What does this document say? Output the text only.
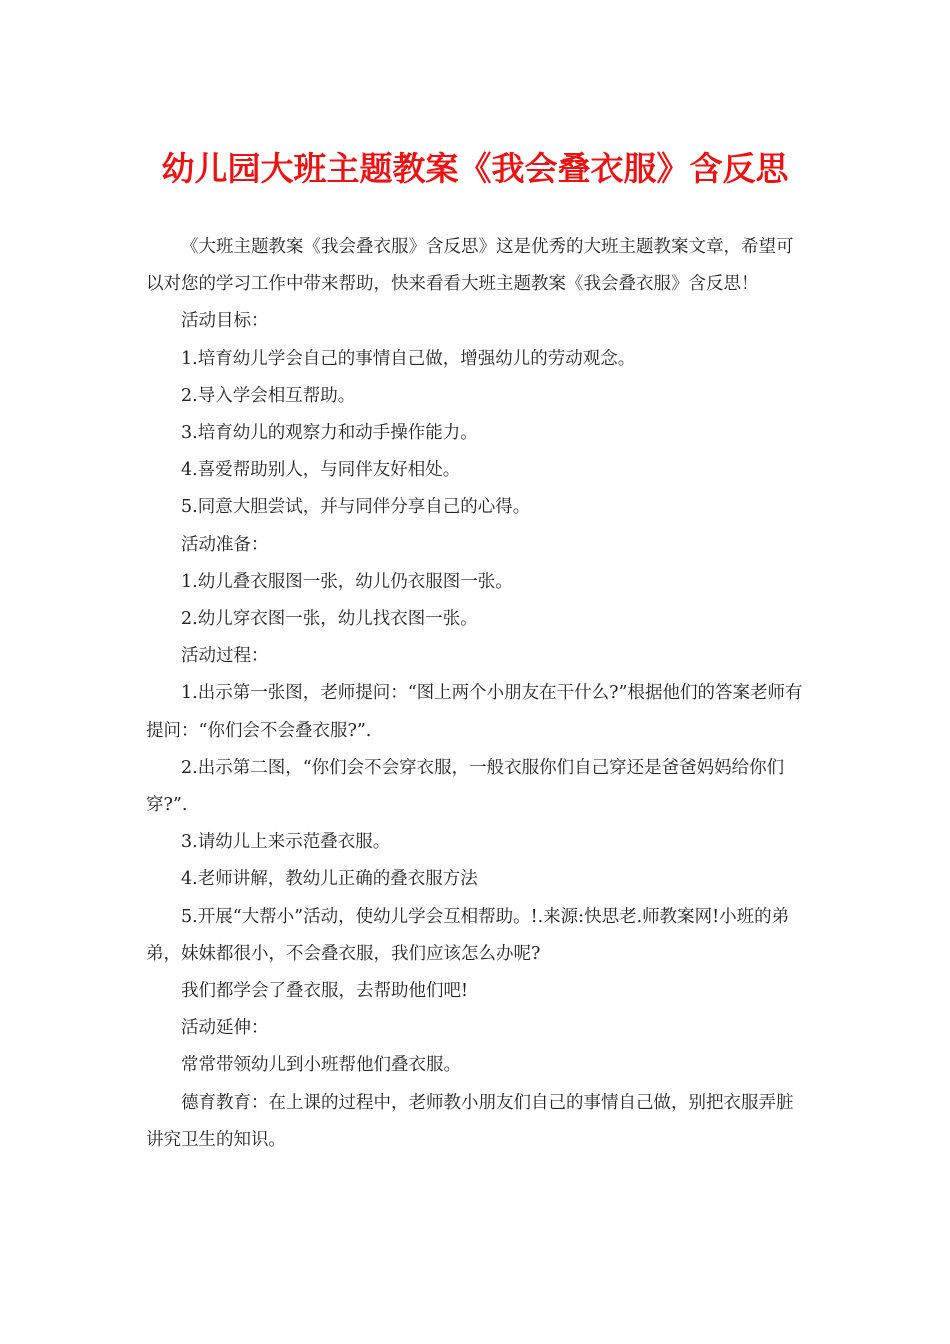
幼儿园大班主题教案《我会叠衣服》含反思

《大班主题教案《我会叠衣服》含反思》这是优秀的大班主题教案文章，希望可以对您的学习工作中带来帮助，快来看看大班主题教案《我会叠衣服》含反思！

活动目标：

1.培育幼儿学会自己的事情自己做，增强幼儿的劳动观念。

2.导入学会相互帮助。

3.培育幼儿的观察力和动手操作能力。

4.喜爱帮助别人，与同伴友好相处。

5.同意大胆尝试，并与同伴分享自己的心得。

活动准备：

1.幼儿叠衣服图一张，幼儿仍衣服图一张。

2.幼儿穿衣图一张，幼儿找衣图一张。

活动过程：

1.出示第一张图，老师提问：“图上两个小朋友在干什么?”根据他们的答案老师有提问：“你们会不会叠衣服?”.

2.出示第二图，“你们会不会穿衣服，一般衣服你们自己穿还是爸爸妈妈给你们穿?”.

3.请幼儿上来示范叠衣服。

4.老师讲解，教幼儿正确的叠衣服方法

5.开展“大帮小”活动，使幼儿学会互相帮助。!.来源:快思老.师教案网!小班的弟弟，妹妹都很小，不会叠衣服，我们应该怎么办呢?

我们都学会了叠衣服，去帮助他们吧!

活动延伸：

常常带领幼儿到小班帮他们叠衣服。

德育教育：在上课的过程中，老师教小朋友们自己的事情自己做，别把衣服弄脏讲究卫生的知识。
